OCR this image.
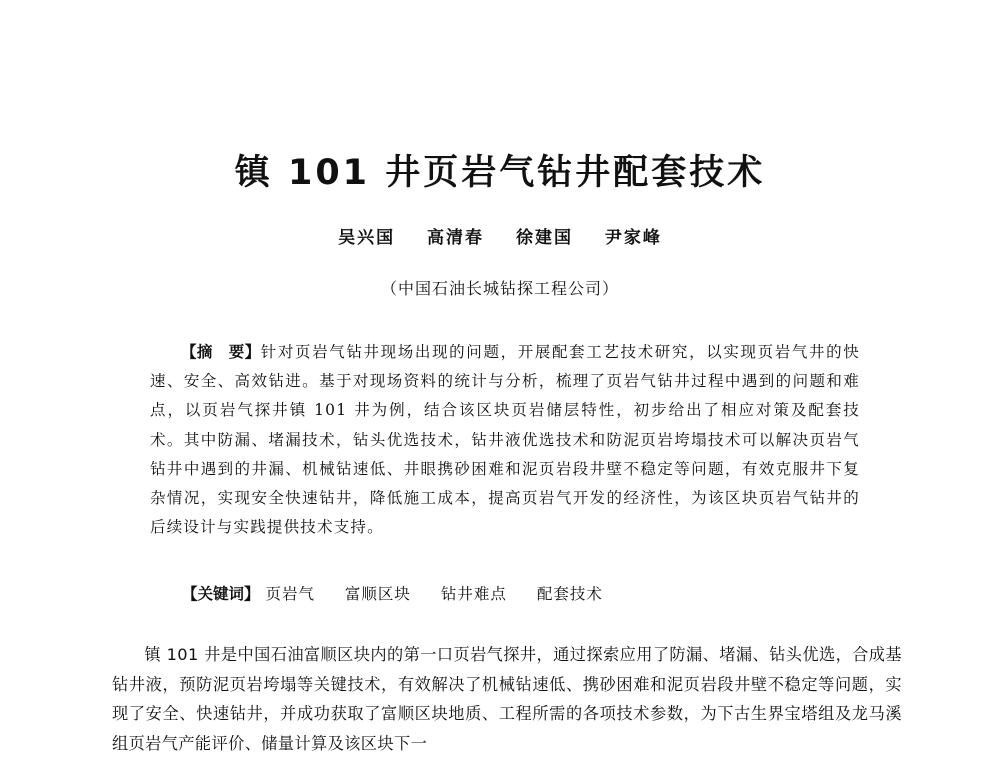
镇 101 井页岩气钻井配套技术
吴兴国 高清春 徐建国 尹家峰
（中国石油长城钻探工程公司）
【摘　要】针对页岩气钻井现场出现的问题，开展配套工艺技术研究，以实现页岩气井的快速、安全、高效钻进。基于对现场资料的统计与分析，梳理了页岩气钻井过程中遇到的问题和难点，以页岩气探井镇 101 井为例，结合该区块页岩储层特性，初步给出了相应对策及配套技术。其中防漏、堵漏技术，钻头优选技术，钻井液优选技术和防泥页岩垮塌技术可以解决页岩气钻井中遇到的井漏、机械钻速低、井眼携砂困难和泥页岩段井壁不稳定等问题，有效克服井下复杂情况，实现安全快速钻井，降低施工成本，提高页岩气开发的经济性，为该区块页岩气钻井的后续设计与实践提供技术支持。
【关键词】 页岩气 富顺区块 钻井难点 配套技术
镇 101 井是中国石油富顺区块内的第一口页岩气探井，通过探索应用了防漏、堵漏、钻头优选，合成基钻井液，预防泥页岩垮塌等关键技术，有效解决了机械钻速低、携砂困难和泥页岩段井壁不稳定等问题，实现了安全、快速钻井，并成功获取了富顺区块地质、工程所需的各项技术参数，为下古生界宝塔组及龙马溪组页岩气产能评价、储量计算及该区块下一
